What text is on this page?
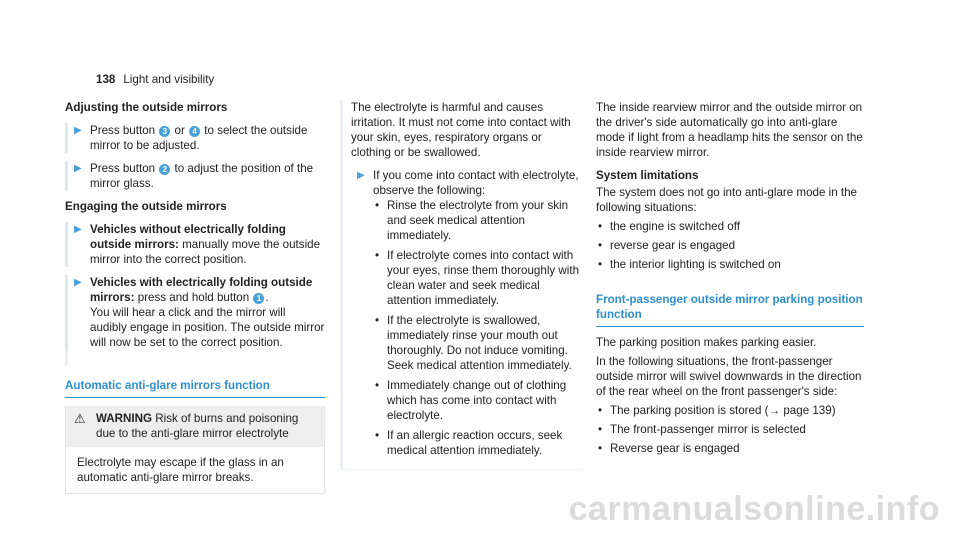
138 Light and visibility
Adjusting the outside mirrors
▶ Press button 3 or 4 to select the outside mirror to be adjusted.
▶ Press button 2 to adjust the position of the mirror glass.
Engaging the outside mirrors
▶ Vehicles without electrically folding outside mirrors: manually move the outside mirror into the correct position.
▶ Vehicles with electrically folding outside mirrors: press and hold button 1 .
You will hear a click and the mirror will audibly engage in position. The outside mirror will now be set to the correct position.
Automatic anti-glare mirrors function
⚠ WARNING Risk of burns and poisoning due to the anti-glare mirror electrolyte
Electrolyte may escape if the glass in an automatic anti-glare mirror breaks.

The electrolyte is harmful and causes irritation. It must not come into contact with your skin, eyes, respiratory organs or clothing or be swallowed.

▶ If you come into contact with electrolyte, observe the following:
• Rinse the electrolyte from your skin and seek medical attention immediately.
• If electrolyte comes into contact with your eyes, rinse them thoroughly with clean water and seek medical attention immediately.
• If the electrolyte is swallowed, immediately rinse your mouth out thoroughly. Do not induce vomiting. Seek medical attention immediately.
• Immediately change out of clothing which has come into contact with electrolyte.
• If an allergic reaction occurs, seek medical attention immediately.

The inside rearview mirror and the outside mirror on the driver's side automatically go into anti-glare mode if light from a headlamp hits the sensor on the inside rearview mirror.

System limitations

The system does not go into anti-glare mode in the following situations:

• the engine is switched off
• reverse gear is engaged
• the interior lighting is switched on
Front-passenger outside mirror parking position function

The parking position makes parking easier.

In the following situations, the front-passenger outside mirror will swivel downwards in the direction of the rear wheel on the front passenger's side:

• The parking position is stored (→ page 139)
• The front-passenger mirror is selected
• Reverse gear is engaged
carmanualsonline.info
